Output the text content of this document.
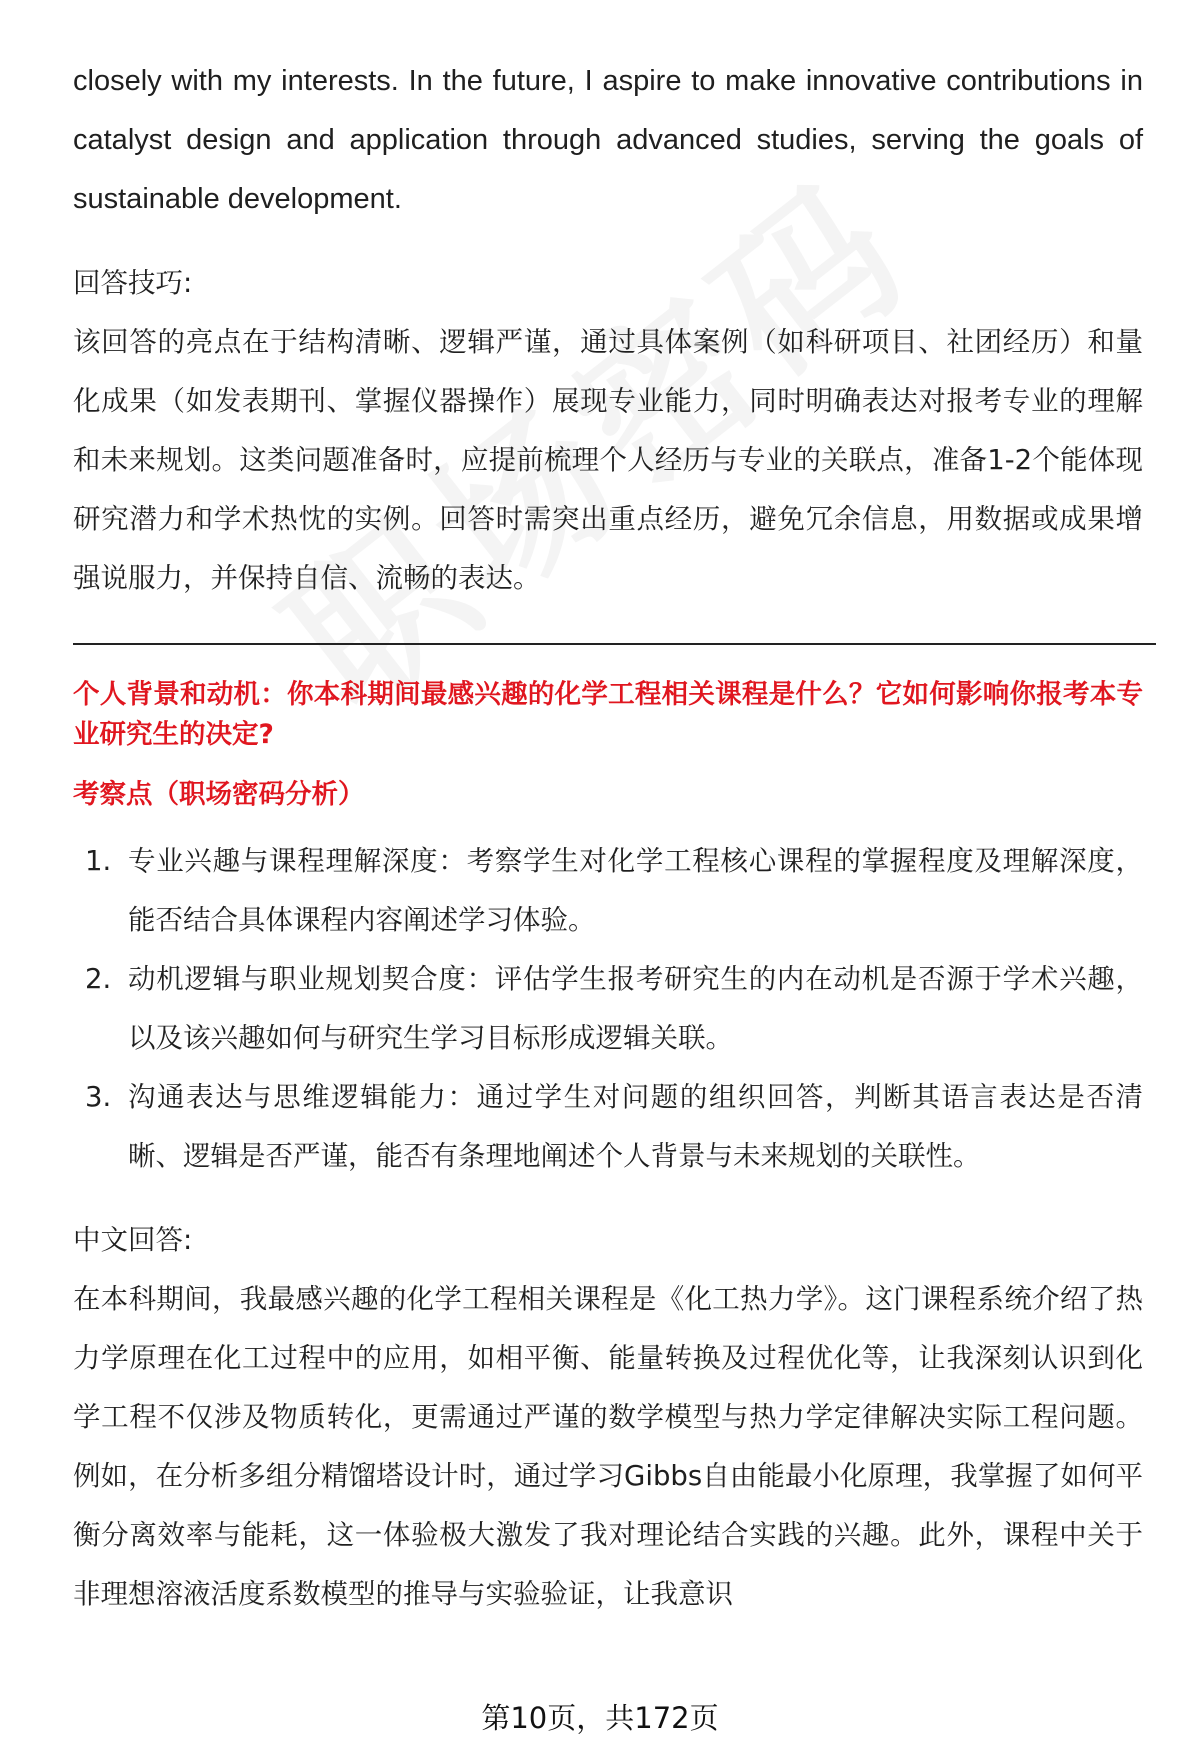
closely with my interests. In the future, I aspire to make innovative contributions in catalyst design and application through advanced studies, serving the goals of sustainable development.

回答技巧:

该回答的亮点在于结构清晰、逻辑严谨，通过具体案例（如科研项目、社团经历）和量化成果（如发表期刊、掌握仪器操作）展现专业能力，同时明确表达对报考专业的理解和未来规划。这类问题准备时，应提前梳理个人经历与专业的关联点，准备1-2个能体现研究潜力和学术热忱的实例。回答时需突出重点经历，避免冗余信息，用数据或成果增强说服力，并保持自信、流畅的表达。

个人背景和动机：你本科期间最感兴趣的化学工程相关课程是什么？它如何影响你报考本专业研究生的决定?

考察点（职场密码分析）

1. 专业兴趣与课程理解深度：考察学生对化学工程核心课程的掌握程度及理解深度，能否结合具体课程内容阐述学习体验。
2. 动机逻辑与职业规划契合度：评估学生报考研究生的内在动机是否源于学术兴趣，以及该兴趣如何与研究生学习目标形成逻辑关联。
3. 沟通表达与思维逻辑能力：通过学生对问题的组织回答，判断其语言表达是否清晰、逻辑是否严谨，能否有条理地阐述个人背景与未来规划的关联性。

中文回答:

在本科期间，我最感兴趣的化学工程相关课程是《化工热力学》。这门课程系统介绍了热力学原理在化工过程中的应用，如相平衡、能量转换及过程优化等，让我深刻认识到化学工程不仅涉及物质转化，更需通过严谨的数学模型与热力学定律解决实际工程问题。例如，在分析多组分精馏塔设计时，通过学习Gibbs自由能最小化原理，我掌握了如何平衡分离效率与能耗，这一体验极大激发了我对理论结合实践的兴趣。此外，课程中关于非理想溶液活度系数模型的推导与实验验证，让我意识

第10页，共172页
